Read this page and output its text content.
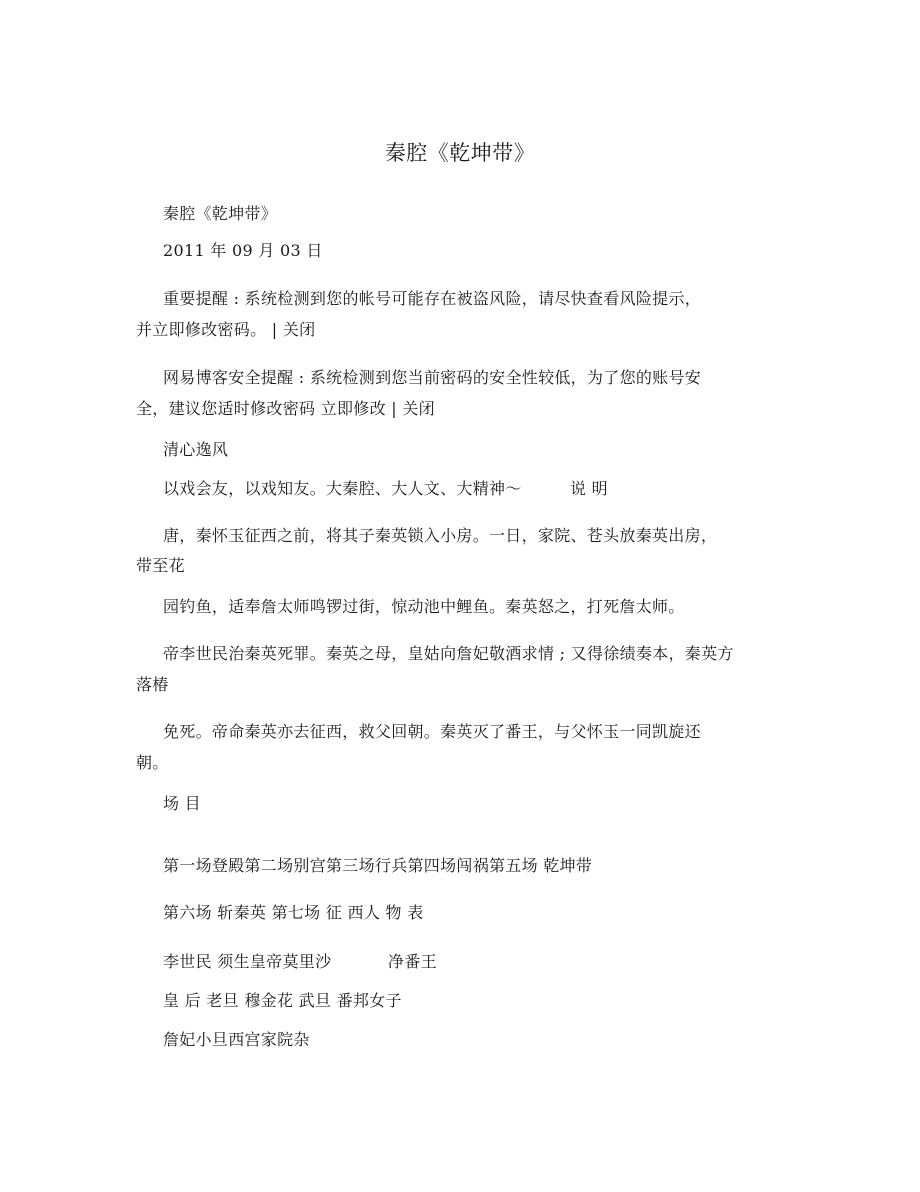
秦腔《乾坤带》
秦腔《乾坤带》
2011 年 09 月 03 日
重要提醒 : 系统检测到您的帐号可能存在被盗风险，请尽快查看风险提示，
并立即修改密码。 | 关闭
网易博客安全提醒 : 系统检测到您当前密码的安全性较低，为了您的账号安
全，建议您适时修改密码 立即修改 | 关闭
清心逸风
以戏会友，以戏知友。大秦腔、大人文、大精神～	说 明
唐，秦怀玉征西之前，将其子秦英锁入小房。一日，家院、苍头放秦英出房，
带至花
园钓鱼，适奉詹太师鸣锣过街，惊动池中鲤鱼。秦英怒之，打死詹太师。
帝李世民治秦英死罪。秦英之母，皇姑向詹妃敬酒求情 ; 又得徐绩奏本，秦英方
落椿
免死。帝命秦英亦去征西，救父回朝。秦英灭了番王，与父怀玉一同凯旋还
朝。
场 目
第一场登殿第二场别宫第三场行兵第四场闯祸第五场 乾坤带
第六场 斩秦英 第七场 征 西人 物 表
李世民 须生皇帝莫里沙	净番王
皇 后 老旦 穆金花 武旦 番邦女子
詹妃小旦西宫家院杂
